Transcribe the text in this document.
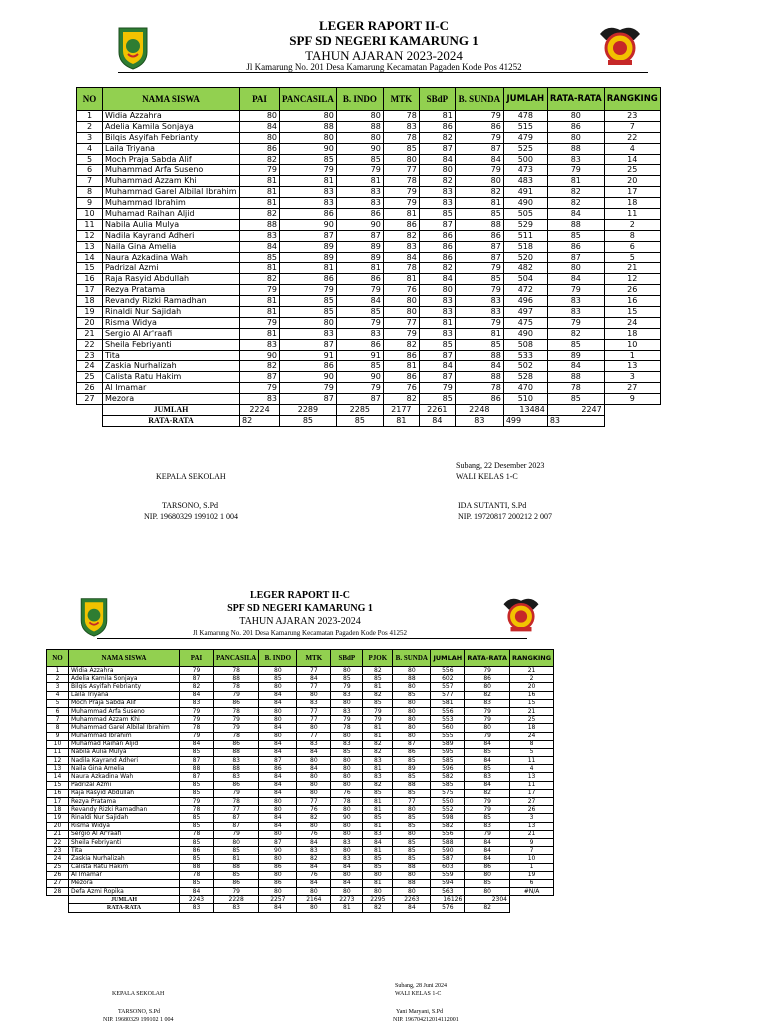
LEGER RAPORT II-C
SPF SD NEGERI KAMARUNG 1
TAHUN AJARAN 2023-2024
Jl Kamarung No. 201 Desa Kamarung Kecamatan Pagaden Kode Pos 41252
NO	NAMA SISWA	PAI	PANCASILA	B. INDO	MTK	SBdP	B. SUNDA	JUMLAH	RATA-RATA	RANGKING
1	Widia Azzahra	80	80	80	78	81	79	478	80	23
2	Adelia Kamila Sonjaya	84	88	88	83	86	86	515	86	7
3	Bilqis Asyifah Febrianty	80	80	80	78	82	79	479	80	22
4	Laila Triyana	86	90	90	85	87	87	525	88	4
5	Moch Praja Sabda Alif	82	85	85	80	84	84	500	83	14
6	Muhammad Arfa Suseno	79	79	79	77	80	79	473	79	25
7	Muhammad Azzam Khi	81	81	81	78	82	80	483	81	20
8	Muhammad Garel Albilal Ibrahim	81	83	83	79	83	82	491	82	17
9	Muhammad Ibrahim	81	83	83	79	83	81	490	82	18
10	Muhamad Raihan Aljid	82	86	86	81	85	85	505	84	11
11	Nabila Aulia Mulya	88	90	90	86	87	88	529	88	2
12	Nadila Kayrand Adheri	83	87	87	82	86	86	511	85	8
13	Naila Gina Amelia	84	89	89	83	86	87	518	86	6
14	Naura Azkadina Wah	85	89	89	84	86	87	520	87	5
15	Padrizal Azmi	81	81	81	78	82	79	482	80	21
16	Raja Rasyid Abdullah	82	86	86	81	84	85	504	84	12
17	Rezya Pratama	79	79	79	76	80	79	472	79	26
18	Revandy Rizki Ramadhan	81	85	84	80	83	83	496	83	16
19	Rinaldi Nur Sajidah	81	85	85	80	83	83	497	83	15
20	Risma Widya	79	80	79	77	81	79	475	79	24
21	Sergio Al Ar'raafi	81	83	83	79	83	81	490	82	18
22	Sheila Febriyanti	83	87	86	82	85	85	508	85	10
23	Tita	90	91	91	86	87	88	533	89	1
24	Zaskia Nurhalizah	82	86	85	81	84	84	502	84	13
25	Calista Ratu Hakim	87	90	90	86	87	88	528	88	3
26	Al Imamar	79	79	79	76	79	78	470	78	27
27	Mezora	83	87	87	82	85	86	510	85	9
	JUMLAH	2224	2289	2285	2177	2261	2248	13484	2247	
	RATA-RATA	82	85	85	81	84	83	499	83	
Subang, 22 Desember 2023
WALI KELAS 1-C
KEPALA SEKOLAH
TARSONO, S.Pd
NIP. 19680329 199102 1 004
IDA SUTANTI, S.Pd
NIP. 19720817 200212 2 007
LEGER RAPORT II-C
SPF SD NEGERI KAMARUNG 1
TAHUN AJARAN 2023-2024
Jl Kamarung No. 201 Desa Kamarung Kecamatan Pagaden Kode Pos 41252
NO	NAMA SISWA	PAI	PANCASILA	B. INDO	MTK	SBdP	PJOK	B. SUNDA	JUMLAH	RATA-RATA	RANGKING
1	Widia Azzahra	79	78	80	77	80	82	80	556	79	21
2	Adelia Kamila Sonjaya	87	88	85	84	85	85	88	602	86	2
3	Bilqis Asyifah Febrianty	82	78	80	77	79	81	80	557	80	20
4	Laila Triyana	84	79	84	80	83	82	85	577	82	16
5	Moch Praja Sabda Alif	83	86	84	83	80	85	80	581	83	15
6	Muhammad Arfa Suseno	79	78	80	77	83	79	80	556	79	21
7	Muhammad Azzam Khi	79	79	80	77	79	79	80	553	79	25
8	Muhammad Garel Albilal Ibrahim	78	79	84	80	78	81	80	560	80	18
9	Muhammad Ibrahim	79	78	80	77	80	81	80	555	79	24
10	Muhamad Raihan Aljid	84	86	84	83	83	82	87	589	84	8
11	Nabila Aulia Mulya	85	88	84	84	85	82	86	595	85	5
12	Nadila Kayrand Adheri	87	83	87	80	80	83	85	585	84	11
13	Naila Gina Amelia	88	88	86	84	80	81	89	596	85	4
14	Naura Azkadina Wah	87	83	84	80	80	83	85	582	83	13
15	Padrizal Azmi	85	86	84	80	80	82	88	585	84	11
16	Raja Rasyid Abdullah	85	79	84	80	76	85	85	575	82	17
17	Rezya Pratama	79	78	80	77	78	81	77	550	79	27
18	Revandy Rizki Ramadhan	78	77	80	76	80	81	80	552	79	26
19	Rinaldi Nur Sajidah	85	87	84	82	90	85	85	598	85	3
20	Risma Widya	85	87	84	80	80	81	85	582	83	13
21	Sergio Al Ar'raafi	78	79	80	76	80	83	80	556	79	21
22	Sheila Febriyanti	85	80	87	84	83	84	85	588	84	9
23	Tita	86	85	90	83	80	81	85	590	84	7
24	Zaskia Nurhalizah	85	81	80	82	83	85	85	587	84	10
25	Calista Ratu Hakim	88	88	86	84	84	85	88	603	86	1
26	Al Imamar	78	85	80	76	80	80	80	559	80	19
27	Mezora	85	86	86	84	84	81	88	594	85	6
28	Defa Azmi Ropika	84	79	80	80	80	80	80	563	80	#N/A
	JUMLAH	2243	2228	2257	2164	2273	2295	2263	16126	2304	
	RATA-RATA	83	83	84	80	81	82	84	576	82	
Subang, 28 Juni 2024
WALI KELAS 1-C
KEPALA SEKOLAH
TARSONO, S.Pd
NIP. 19680329 199102 1 004
Yani Maryani, S.Pd
NIP. 196704212014112001
